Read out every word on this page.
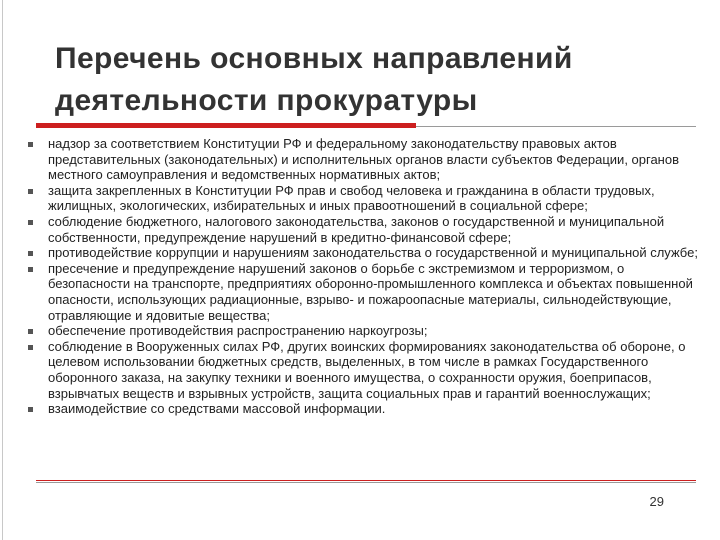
Перечень основных направлений
деятельности прокуратуры
надзор за соответствием Конституции РФ и федеральному законодательству правовых актов представительных (законодательных) и исполнительных органов власти субъектов Федерации, органов местного самоуправления и ведомственных нормативных актов;
защита закрепленных в Конституции РФ прав и свобод человека и гражданина в области трудовых, жилищных, экологических, избирательных и иных правоотношений в социальной сфере;
соблюдение бюджетного, налогового законодательства, законов о государственной и муниципальной собственности, предупреждение нарушений в кредитно-финансовой сфере;
противодействие коррупции и нарушениям законодательства о государственной и муниципальной службе;
пресечение и предупреждение нарушений законов о борьбе с экстремизмом и терроризмом, о безопасности на транспорте, предприятиях оборонно-промышленного комплекса и объектах повышенной опасности, использующих радиационные, взрыво- и пожароопасные материалы, сильнодействующие, отравляющие и ядовитые вещества;
обеспечение противодействия распространению наркоугрозы;
соблюдение в Вооруженных силах РФ, других воинских формированиях законодательства об обороне, о целевом использовании бюджетных средств, выделенных, в том числе в рамках Государственного оборонного заказа, на закупку техники и военного имущества, о сохранности оружия, боеприпасов, взрывчатых веществ и взрывных устройств, защита социальных прав и гарантий военнослужащих;
взаимодействие со средствами массовой информации.
29
